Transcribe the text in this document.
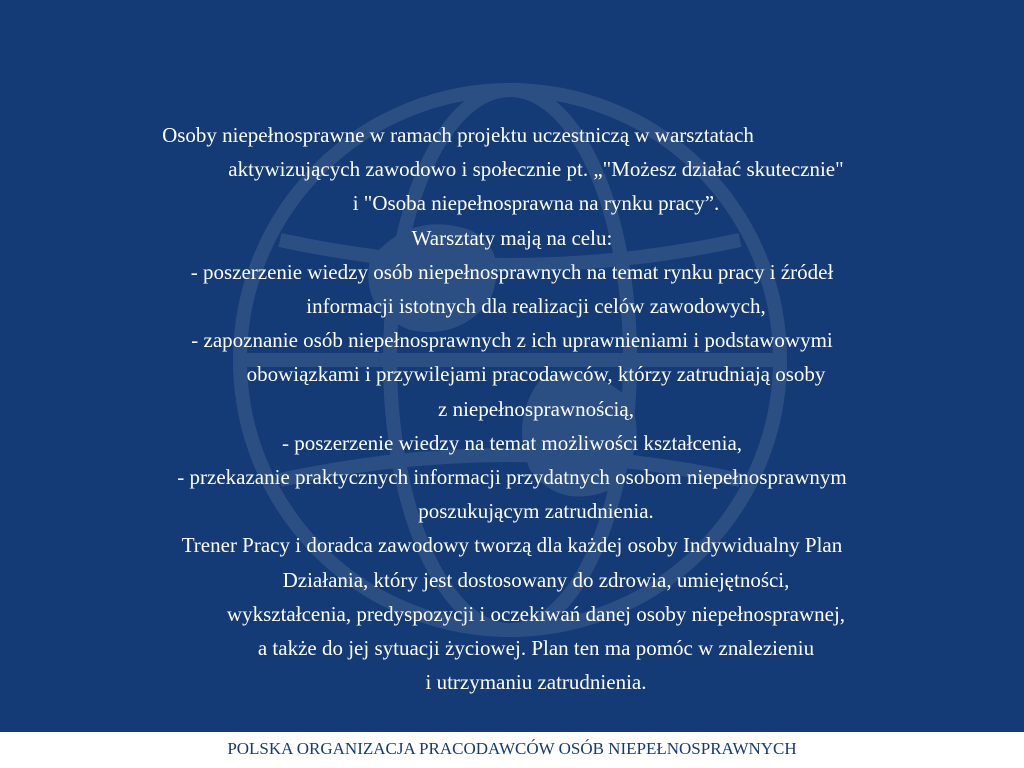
Osoby niepełnosprawne w ramach projektu uczestniczą w warsztatach
aktywizujących zawodowo i społecznie pt. „"Możesz działać skutecznie"
i "Osoba niepełnosprawna na rynku pracy”.
Warsztaty mają na celu:
- poszerzenie wiedzy osób niepełnosprawnych na temat rynku pracy i źródeł
informacji istotnych dla realizacji celów zawodowych,
- zapoznanie osób niepełnosprawnych z ich uprawnieniami i podstawowymi
obowiązkami i przywilejami pracodawców, którzy zatrudniają osoby
z niepełnosprawnością,
- poszerzenie wiedzy na temat możliwości kształcenia,
- przekazanie praktycznych informacji przydatnych osobom niepełnosprawnym
poszukującym zatrudnienia.
Trener Pracy i doradca zawodowy tworzą dla każdej osoby Indywidualny Plan
Działania, który jest dostosowany do zdrowia, umiejętności,
wykształcenia, predyspozycji i oczekiwań danej osoby niepełnosprawnej,
a także do jej sytuacji życiowej. Plan ten ma pomóc w znalezieniu
i utrzymaniu zatrudnienia.
POLSKA ORGANIZACJA PRACODAWCÓW OSÓB NIEPEŁNOSPRAWNYCH
